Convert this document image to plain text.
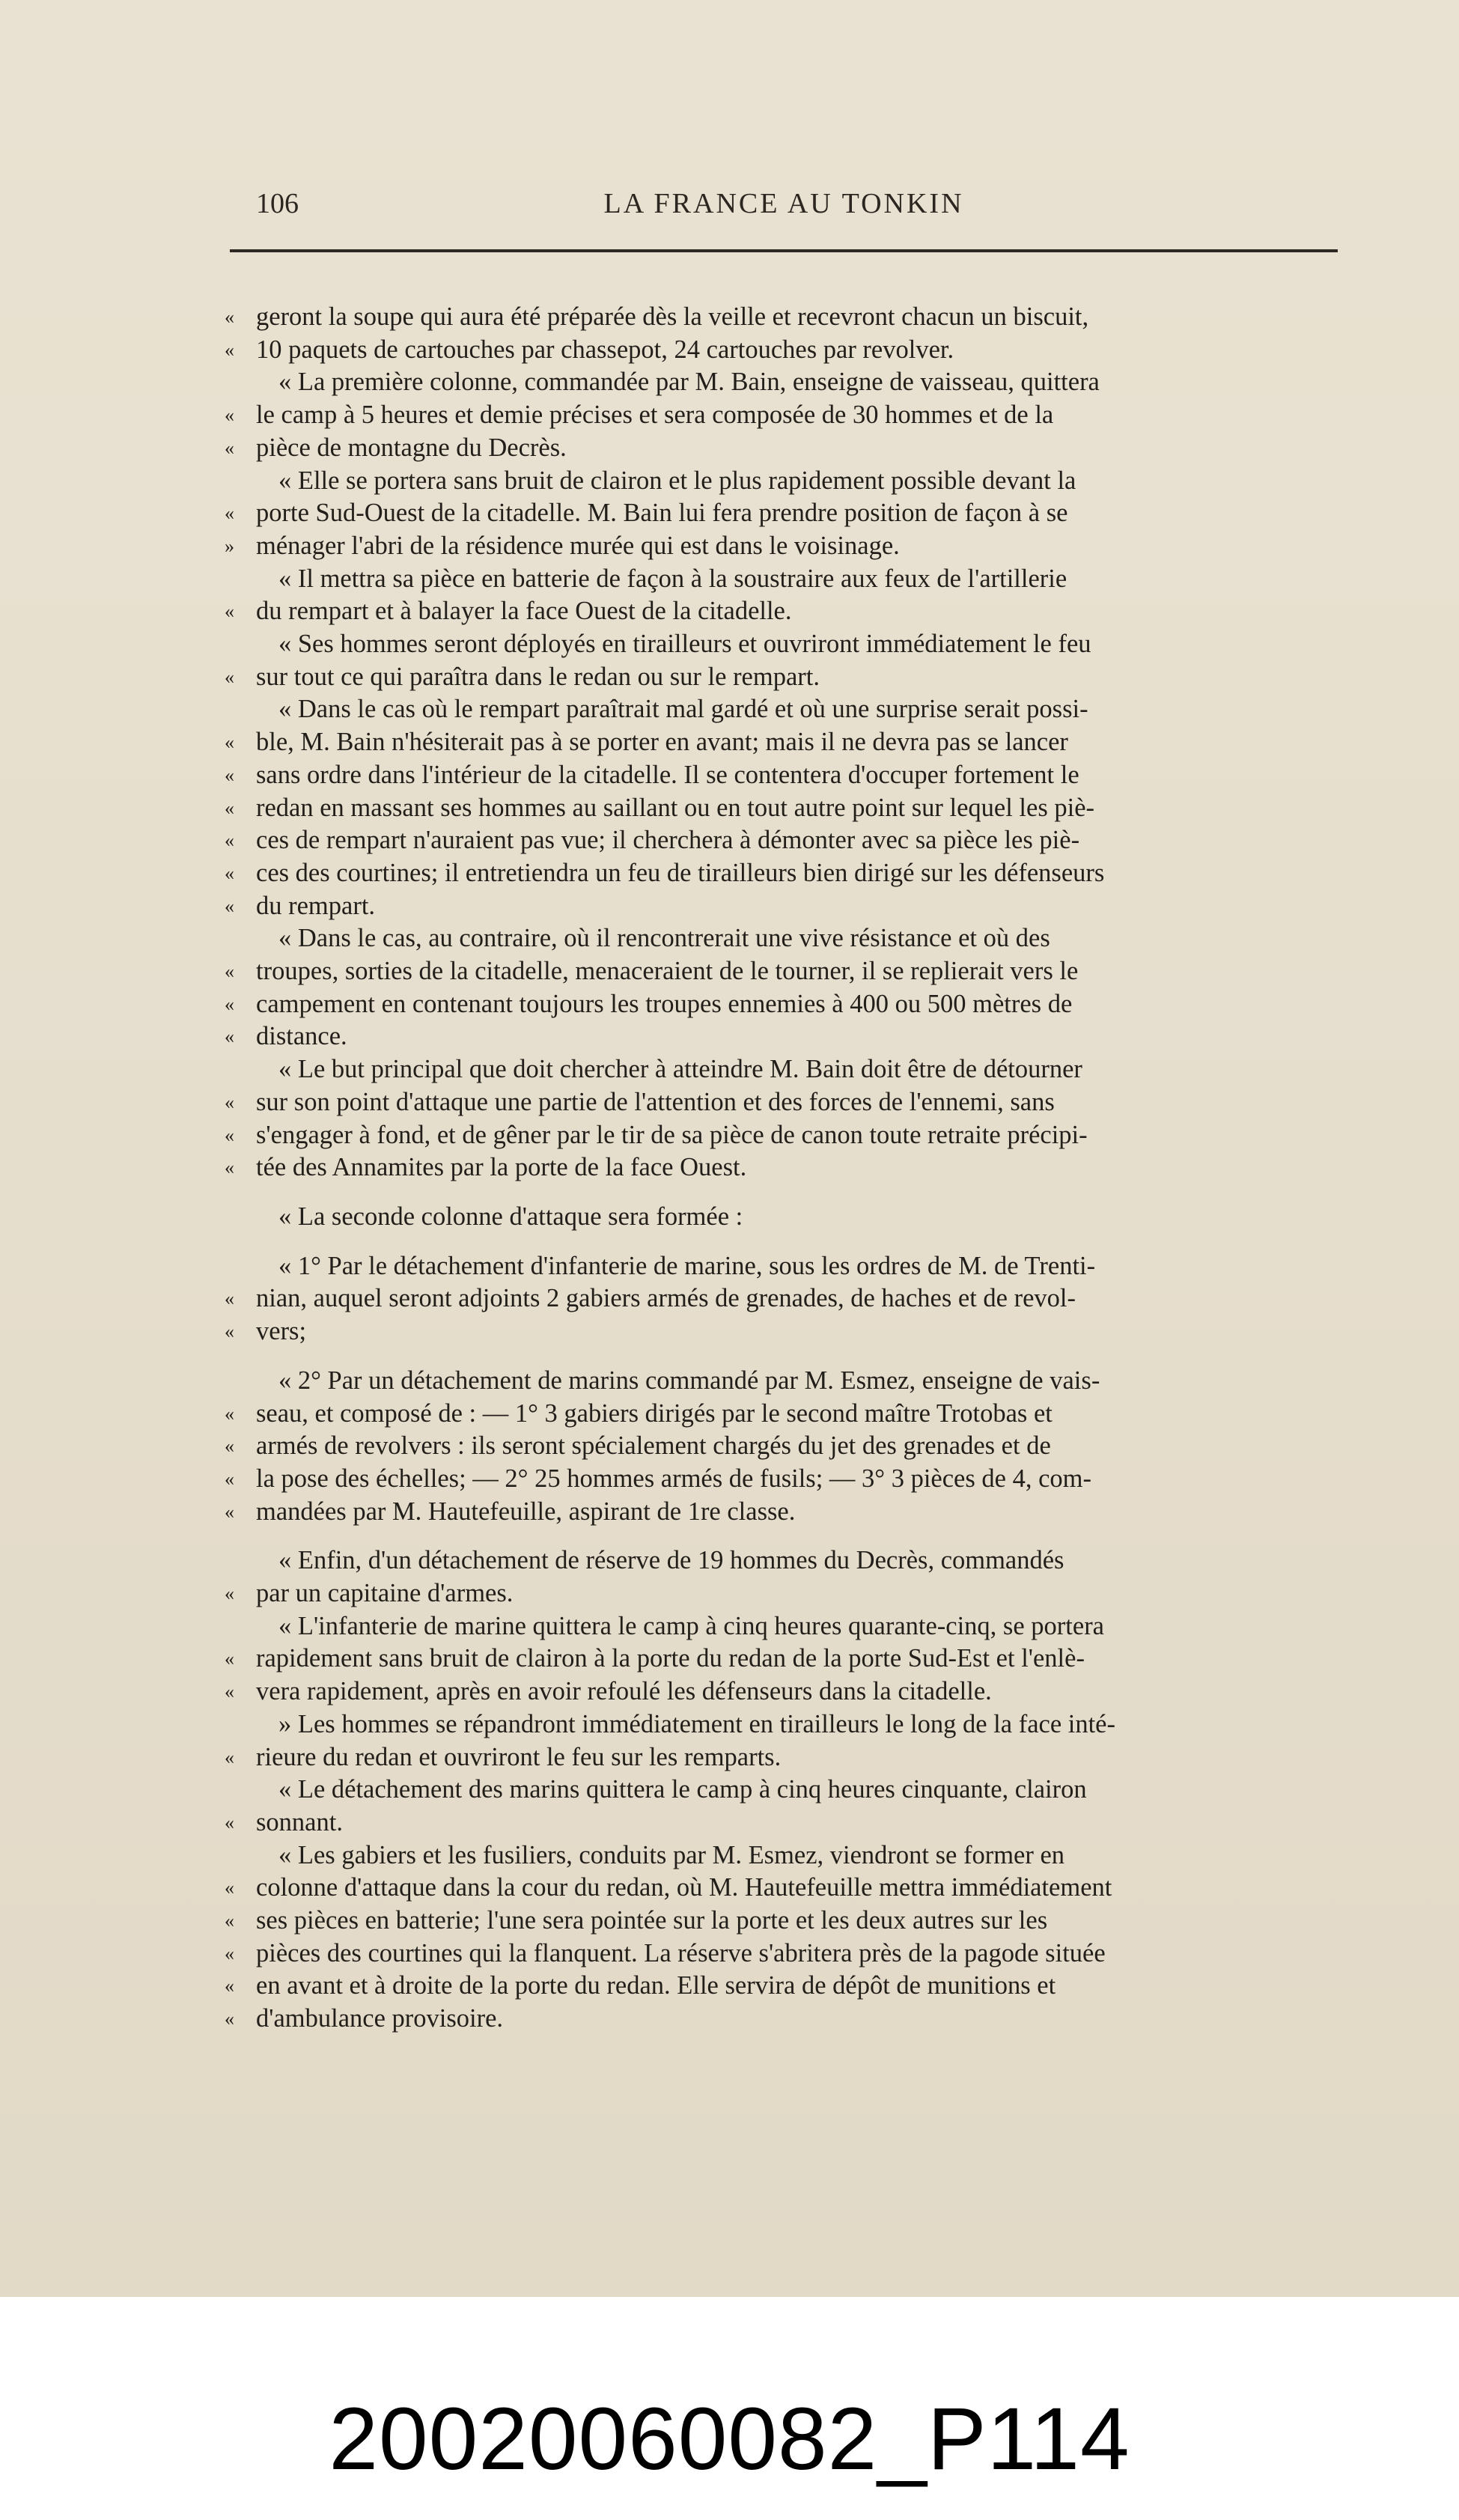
106	LA FRANCE AU TONKIN
« geront la soupe qui aura été préparée dès la veille et recevront chacun un biscuit,
« 10 paquets de cartouches par chassepot, 24 cartouches par revolver.
« La première colonne, commandée par M. Bain, enseigne de vaisseau, quittera
« le camp à 5 heures et demie précises et sera composée de 30 hommes et de la
« pièce de montagne du Decrès.
« Elle se portera sans bruit de clairon et le plus rapidement possible devant la
« porte Sud-Ouest de la citadelle. M. Bain lui fera prendre position de façon à se
» ménager l'abri de la résidence murée qui est dans le voisinage.
« Il mettra sa pièce en batterie de façon à la soustraire aux feux de l'artillerie
« du rempart et à balayer la face Ouest de la citadelle.
« Ses hommes seront déployés en tirailleurs et ouvriront immédiatement le feu
« sur tout ce qui paraîtra dans le redan ou sur le rempart.
« Dans le cas où le rempart paraîtrait mal gardé et où une surprise serait possi-
« ble, M. Bain n'hésiterait pas à se porter en avant; mais il ne devra pas se lancer
« sans ordre dans l'intérieur de la citadelle. Il se contentera d'occuper fortement le
« redan en massant ses hommes au saillant ou en tout autre point sur lequel les piè-
« ces de rempart n'auraient pas vue; il cherchera à démonter avec sa pièce les piè-
« ces des courtines; il entretiendra un feu de tirailleurs bien dirigé sur les défenseurs
« du rempart.
« Dans le cas, au contraire, où il rencontrerait une vive résistance et où des
« troupes, sorties de la citadelle, menaceraient de le tourner, il se replierait vers le
« campement en contenant toujours les troupes ennemies à 400 ou 500 mètres de
« distance.
« Le but principal que doit chercher à atteindre M. Bain doit être de détourner
« sur son point d'attaque une partie de l'attention et des forces de l'ennemi, sans
« s'engager à fond, et de gêner par le tir de sa pièce de canon toute retraite précipi-
« tée des Annamites par la porte de la face Ouest.
« La seconde colonne d'attaque sera formée :
« 1° Par le détachement d'infanterie de marine, sous les ordres de M. de Trenti-
« nian, auquel seront adjoints 2 gabiers armés de grenades, de haches et de revol-
« vers;
« 2° Par un détachement de marins commandé par M. Esmez, enseigne de vais-
« seau, et composé de : — 1° 3 gabiers dirigés par le second maître Trotobas et
« armés de revolvers : ils seront spécialement chargés du jet des grenades et de
« la pose des échelles; — 2° 25 hommes armés de fusils; — 3° 3 pièces de 4, com-
« mandées par M. Hautefeuille, aspirant de 1re classe.
« Enfin, d'un détachement de réserve de 19 hommes du Decrès, commandés
« par un capitaine d'armes.
« L'infanterie de marine quittera le camp à cinq heures quarante-cinq, se portera
« rapidement sans bruit de clairon à la porte du redan de la porte Sud-Est et l'enlè-
« vera rapidement, après en avoir refoulé les défenseurs dans la citadelle.
» Les hommes se répandront immédiatement en tirailleurs le long de la face inté-
« rieure du redan et ouvriront le feu sur les remparts.
« Le détachement des marins quittera le camp à cinq heures cinquante, clairon
« sonnant.
« Les gabiers et les fusiliers, conduits par M. Esmez, viendront se former en
« colonne d'attaque dans la cour du redan, où M. Hautefeuille mettra immédiatement
« ses pièces en batterie; l'une sera pointée sur la porte et les deux autres sur les
« pièces des courtines qui la flanquent. La réserve s'abritera près de la pagode située
« en avant et à droite de la porte du redan. Elle servira de dépôt de munitions et
« d'ambulance provisoire.
20020060082_P114
